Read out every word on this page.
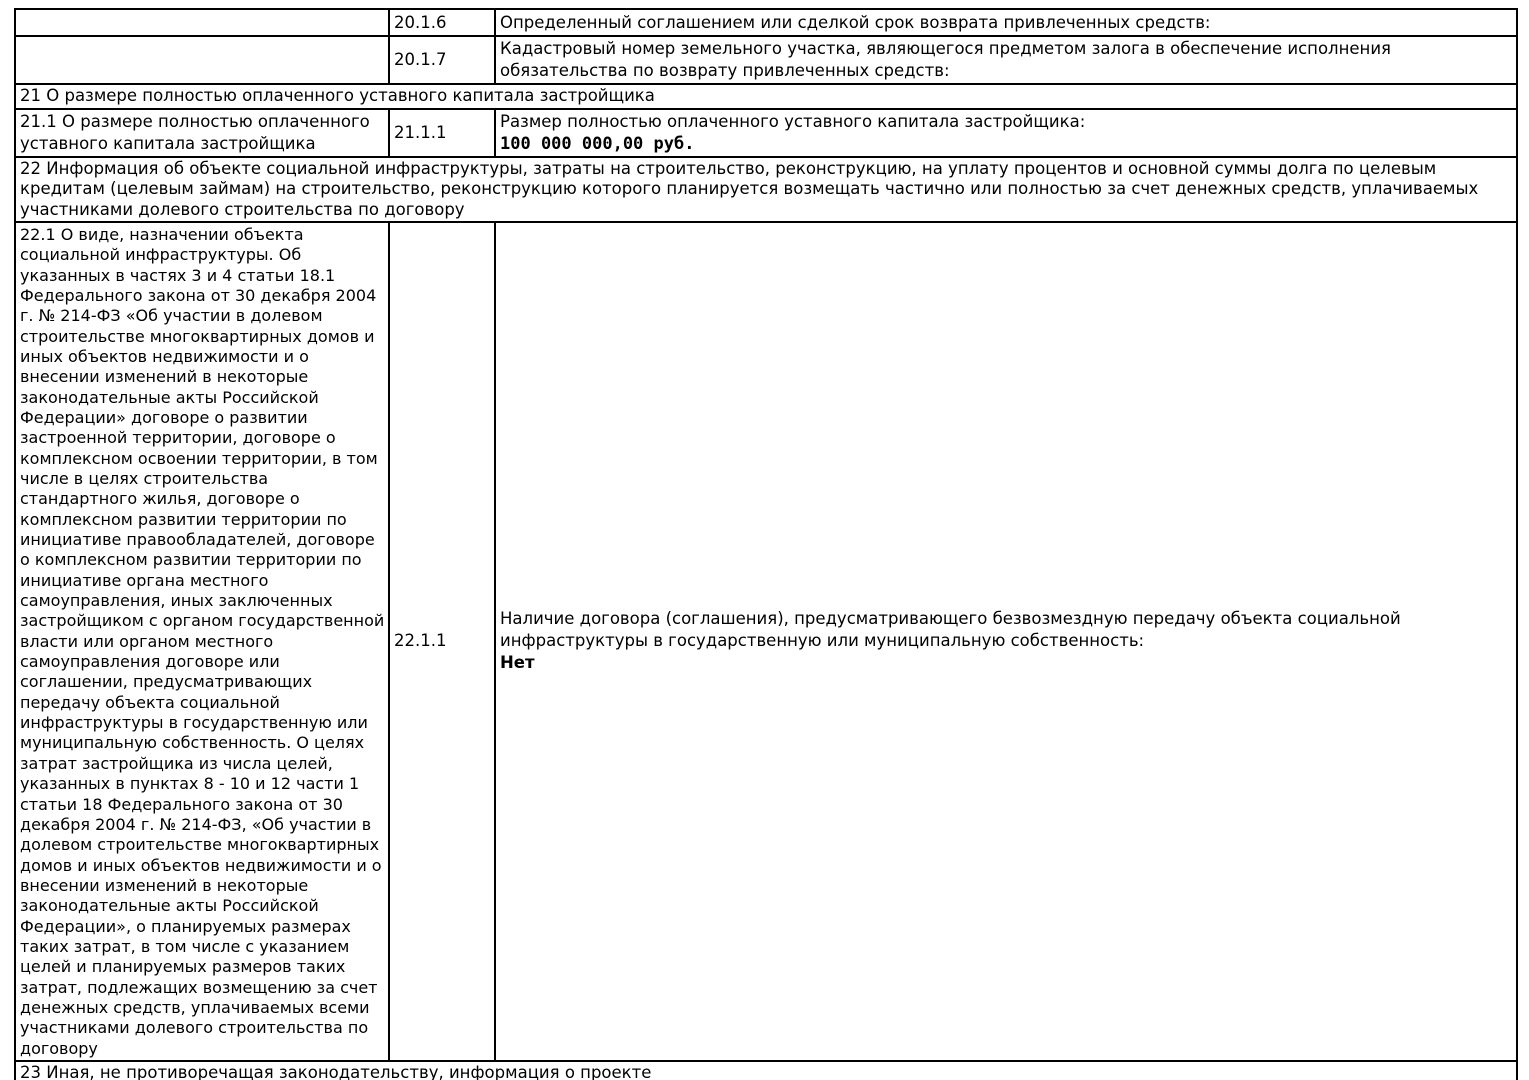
	20.1.6	Определенный соглашением или сделкой срок возврата привлеченных средств:
	20.1.7	Кадастровый номер земельного участка, являющегося предметом залога в обеспечение исполнения обязательства по возврату привлеченных средств:
21 О размере полностью оплаченного уставного капитала застройщика		
21.1 О размере полностью оплаченного уставного капитала застройщика	21.1.1	Размер полностью оплаченного уставного капитала застройщика:
100 000 000,00 руб.

22 Информация об объекте социальной инфраструктуры, затраты на строительство, реконструкцию, на уплату процентов и основной суммы долга по целевым кредитам (целевым займам) на строительство, реконструкцию которого планируется возмещать частично или полностью за счет денежных средств, уплачиваемых участниками долевого строительства по договору		
22.1 О виде, назначении объекта социальной инфраструктуры. Об указанных в частях 3 и 4 статьи 18.1 Федерального закона от 30 декабря 2004 г. № 214-ФЗ «Об участии в долевом строительстве многоквартирных домов и иных объектов недвижимости и о внесении изменений в некоторые законодательные акты Российской Федерации» договоре о развитии застроенной территории, договоре о комплексном освоении территории, в том числе в целях строительства стандартного жилья, договоре о комплексном развитии территории по инициативе правообладателей, договоре о комплексном развитии территории по инициативе органа местного самоуправления, иных заключенных застройщиком с органом государственной власти или органом местного самоуправления договоре или соглашении, предусматривающих передачу объекта социальной инфраструктуры в государственную или муниципальную собственность. О целях затрат застройщика из числа целей, указанных в пунктах 8 - 10 и 12 части 1 статьи 18 Федерального закона от 30 декабря 2004 г. № 214-ФЗ, «Об участии в долевом строительстве многоквартирных домов и иных объектов недвижимости и о внесении изменений в некоторые законодательные акты Российской Федерации», о планируемых размерах таких затрат, в том числе с указанием целей и планируемых размеров таких затрат, подлежащих возмещению за счет денежных средств, уплачиваемых всеми участниками долевого строительства по договору	22.1.1	Наличие договора (соглашения), предусматривающего безвозмездную передачу объекта социальной инфраструктуры в государственную или муниципальную собственность:
Нет

23 Иная, не противоречащая законодательству, информация о проекте		
